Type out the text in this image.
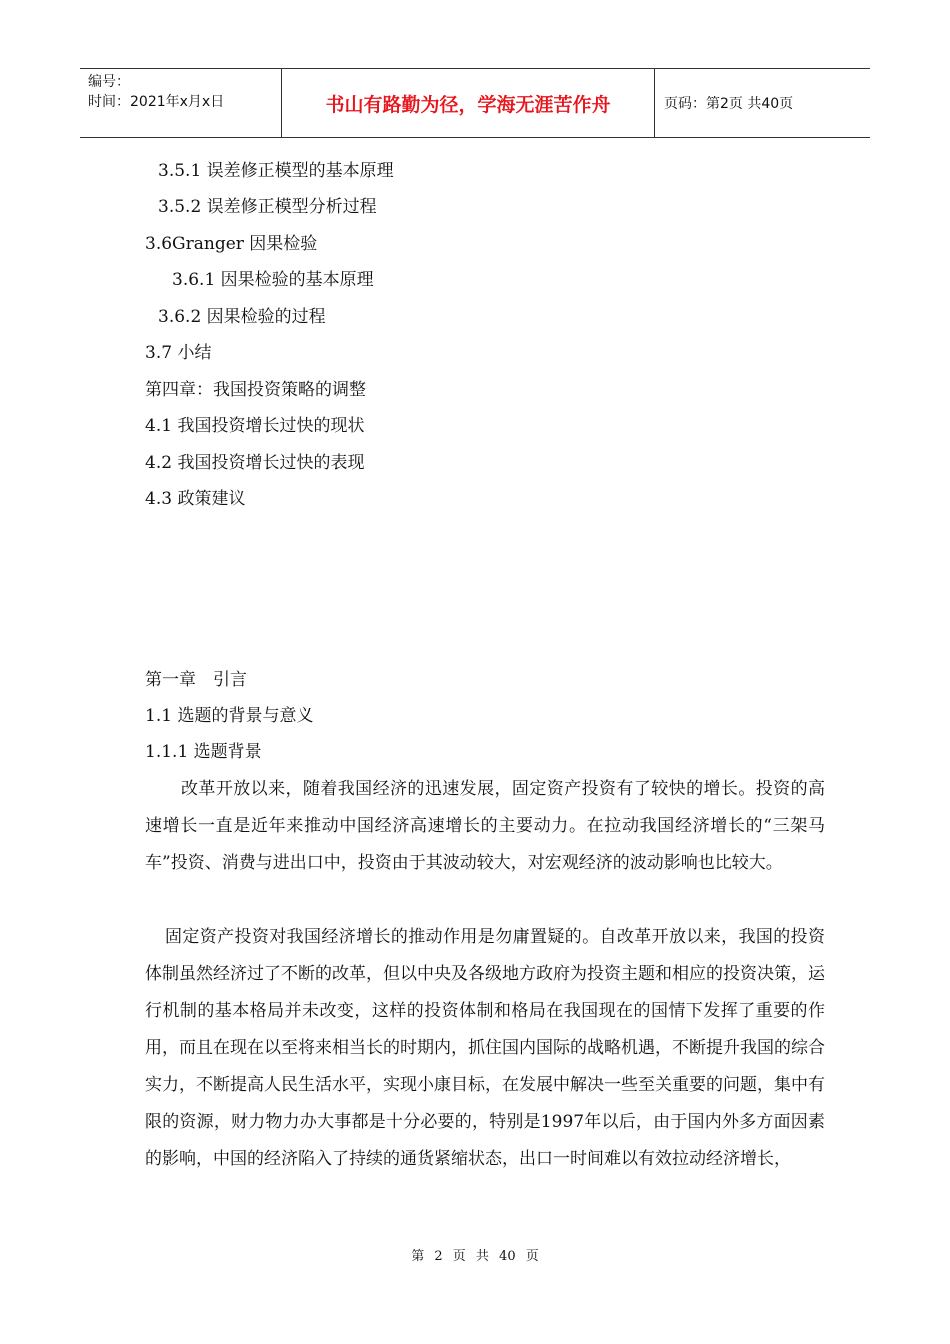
编号：
时间：2021年x月x日	书山有路勤为径，学海无涯苦作舟	页码：第2页 共40页
3.5.1 误差修正模型的基本原理
3.5.2 误差修正模型分析过程
3.6Granger 因果检验
3.6.1 因果检验的基本原理
3.6.2 因果检验的过程
3.7 小结
第四章：我国投资策略的调整
4.1 我国投资增长过快的现状
4.2 我国投资增长过快的表现
4.3 政策建议
第一章　引言
1.1 选题的背景与意义
1.1.1 选题背景
改革开放以来，随着我国经济的迅速发展，固定资产投资有了较快的增长。投资的高速增长一直是近年来推动中国经济高速增长的主要动力。在拉动我国经济增长的“三架马车”投资、消费与进出口中，投资由于其波动较大，对宏观经济的波动影响也比较大。
固定资产投资对我国经济增长的推动作用是勿庸置疑的。自改革开放以来，我国的投资体制虽然经济过了不断的改革，但以中央及各级地方政府为投资主题和相应的投资决策，运行机制的基本格局并未改变，这样的投资体制和格局在我国现在的国情下发挥了重要的作用，而且在现在以至将来相当长的时期内，抓住国内国际的战略机遇，不断提升我国的综合实力，不断提高人民生活水平，实现小康目标，在发展中解决一些至关重要的问题，集中有限的资源，财力物力办大事都是十分必要的，特别是1997年以后，由于国内外多方面因素的影响，中国的经济陷入了持续的通货紧缩状态，出口一时间难以有效拉动经济增长，
第 2 页 共 40 页
